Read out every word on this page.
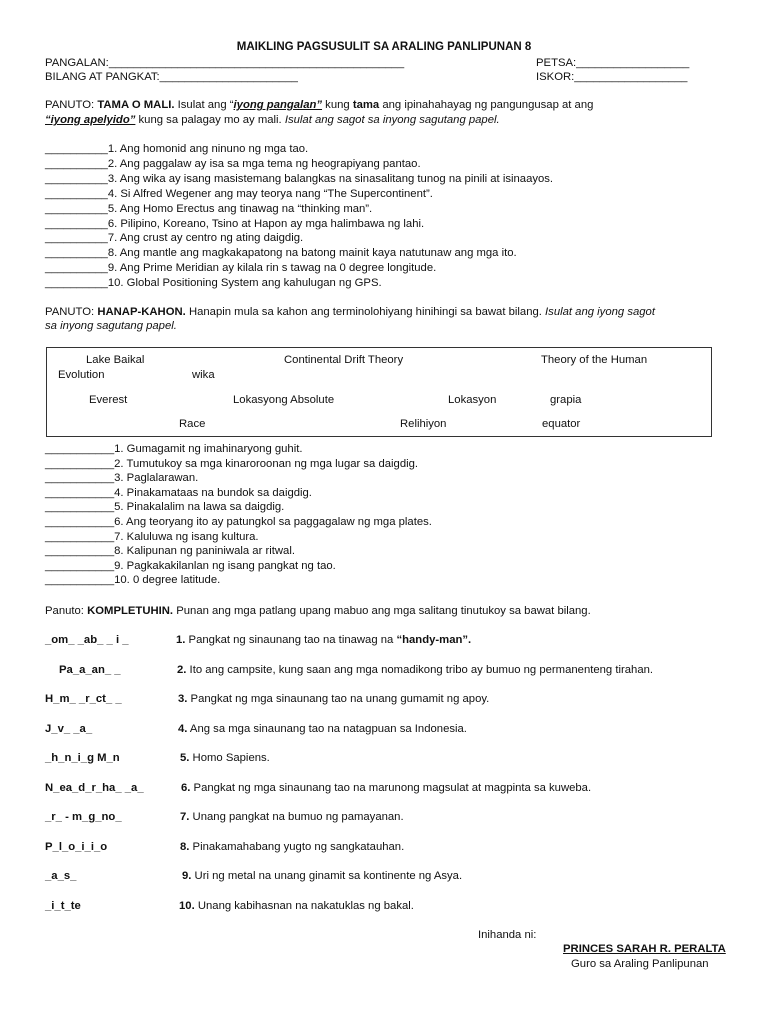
MAIKLING PAGSUSULIT SA ARALING PANLIPUNAN 8
PANGALAN:_______________________________________________	PETSA:__________________
BILANG AT PANGKAT:______________________	ISKOR:__________________
PANUTO: TAMA O MALI. Isulat ang “iyong pangalan” kung tama ang ipinahahayag ng pangungusap at ang
“iyong apelyido” kung sa palagay mo ay mali. Isulat ang sagot sa inyong sagutang papel.
__________1. Ang homonid ang ninuno ng mga tao.
__________2. Ang paggalaw ay isa sa mga tema ng heograpiyang pantao.
__________3. Ang wika ay isang masistemang balangkas na sinasalitang tunog na pinili at isinaayos.
__________4. Si Alfred Wegener ang may teorya nang “The Supercontinent”.
__________5. Ang Homo Erectus ang tinawag na “thinking man”.
__________6. Pilipino, Koreano, Tsino at Hapon ay mga halimbawa ng lahi.
__________7. Ang crust ay centro ng ating daigdig.
__________8. Ang mantle ang magkakapatong na batong mainit kaya natutunaw ang mga ito.
__________9. Ang Prime Meridian ay kilala rin s tawag na 0 degree longitude.
__________10. Global Positioning System ang kahulugan ng GPS.
PANUTO: HANAP-KAHON. Hanapin mula sa kahon ang terminolohiyang hinihingi sa bawat bilang. Isulat ang iyong sagot
sa inyong sagutang papel.
Lake Baikal	Continental Drift Theory	Theory of the Human
Evolution	wika
Everest	Lokasyong Absolute	Lokasyon	grapia
Race	Relihiyon	equator
___________1. Gumagamit ng imahinaryong guhit.
___________2. Tumutukoy sa mga kinaroroonan ng mga lugar sa daigdig.
___________3. Paglalarawan.
___________4. Pinakamataas na bundok sa daigdig.
___________5. Pinakalalim na lawa sa daigdig.
___________6. Ang teoryang ito ay patungkol sa paggagalaw ng mga plates.
___________7. Kaluluwa ng isang kultura.
___________8. Kalipunan ng paniniwala ar ritwal.
___________9. Pagkakakilanlan ng isang pangkat ng tao.
___________10. 0 degree latitude.
Panuto: KOMPLETUHIN. Punan ang mga patlang upang mabuo ang mga salitang tinutukoy sa bawat bilang.
_om_ _ab_ _ i _	1. Pangkat ng sinaunang tao na tinawag na “handy-man”.
Pa_a_an_ _	2. Ito ang campsite, kung saan ang mga nomadikong tribo ay bumuo ng permanenteng tirahan.
H_m_ _r_ct_ _	3. Pangkat ng mga sinaunang tao na unang gumamit ng apoy.
J_v_ _a_	4. Ang sa mga sinaunang tao na natagpuan sa Indonesia.
_h_n_i_g M_n	5. Homo Sapiens.
N_ea_d_r_ha_ _a_	6. Pangkat ng mga sinaunang tao na marunong magsulat at magpinta sa kuweba.
_r_ - m_g_no_	7. Unang pangkat na bumuo ng pamayanan.
P_l_o_i_i_o	8. Pinakamahabang yugto ng sangkatauhan.
_a_s_	9. Uri ng metal na unang ginamit sa kontinente ng Asya.
_i_t_te	10. Unang kabihasnan na nakatuklas ng bakal.
Inihanda ni:
PRINCES SARAH R. PERALTA
Guro sa Araling Panlipunan
